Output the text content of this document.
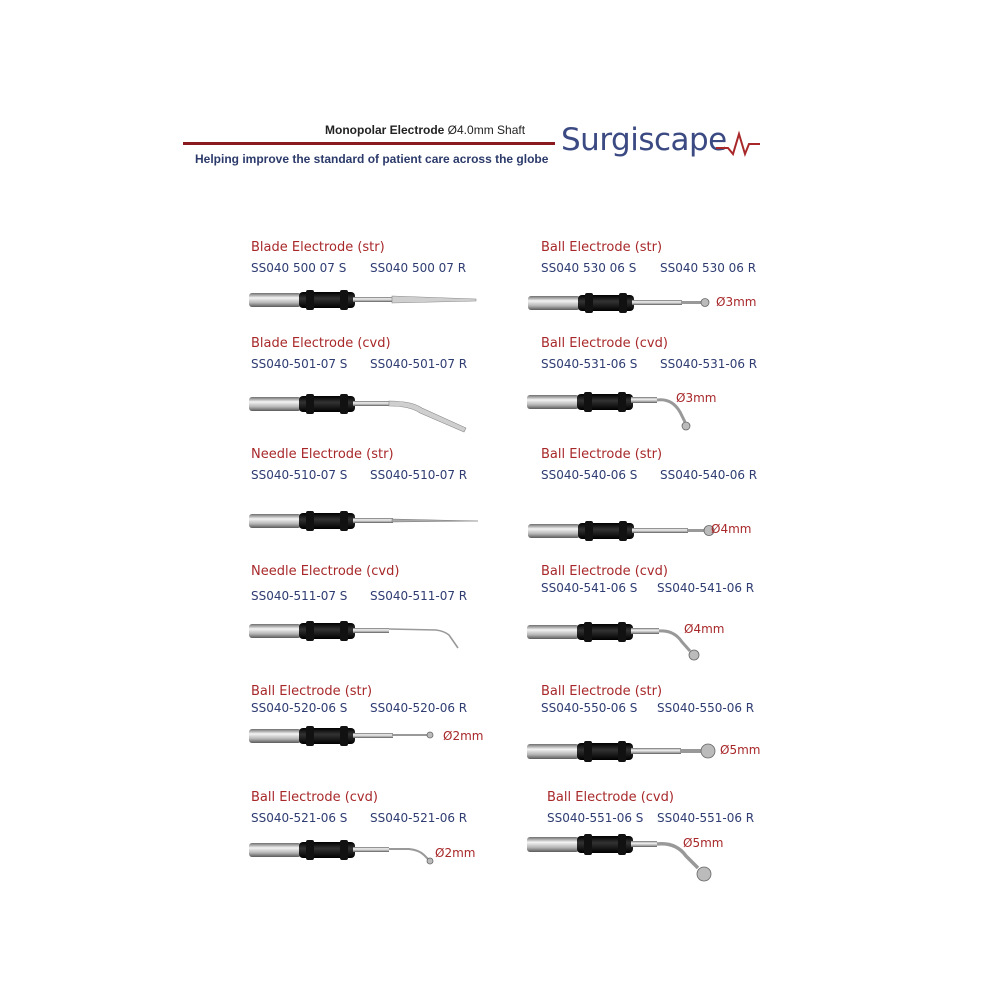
Monopolar Electrode Ø4.0mm Shaft
Helping improve the standard of patient care across the globe
Surgiscape
Blade Electrode (str)
SS040 500 07 S SS040 500 07 R
Blade Electrode (cvd)
SS040-501-07 S SS040-501-07 R
Needle Electrode (str)
SS040-510-07 S SS040-510-07 R
Needle Electrode (cvd)
SS040-511-07 S SS040-511-07 R
Ball Electrode (str)
SS040-520-06 S SS040-520-06 R
Ball Electrode (cvd)
SS040-521-06 S SS040-521-06 R
Ball Electrode (str)
SS040 530 06 S SS040 530 06 R
Ball Electrode (cvd)
SS040-531-06 S SS040-531-06 R
Ball Electrode (str)
SS040-540-06 S SS040-540-06 R
Ball Electrode (cvd)
SS040-541-06 S SS040-541-06 R
Ball Electrode (str)
SS040-550-06 S SS040-550-06 R
Ball Electrode (cvd)
SS040-551-06 S SS040-551-06 R
Ø2mm
Ø2mm
Ø3mm
Ø3mm
Ø4mm
Ø4mm
Ø5mm
Ø5mm
